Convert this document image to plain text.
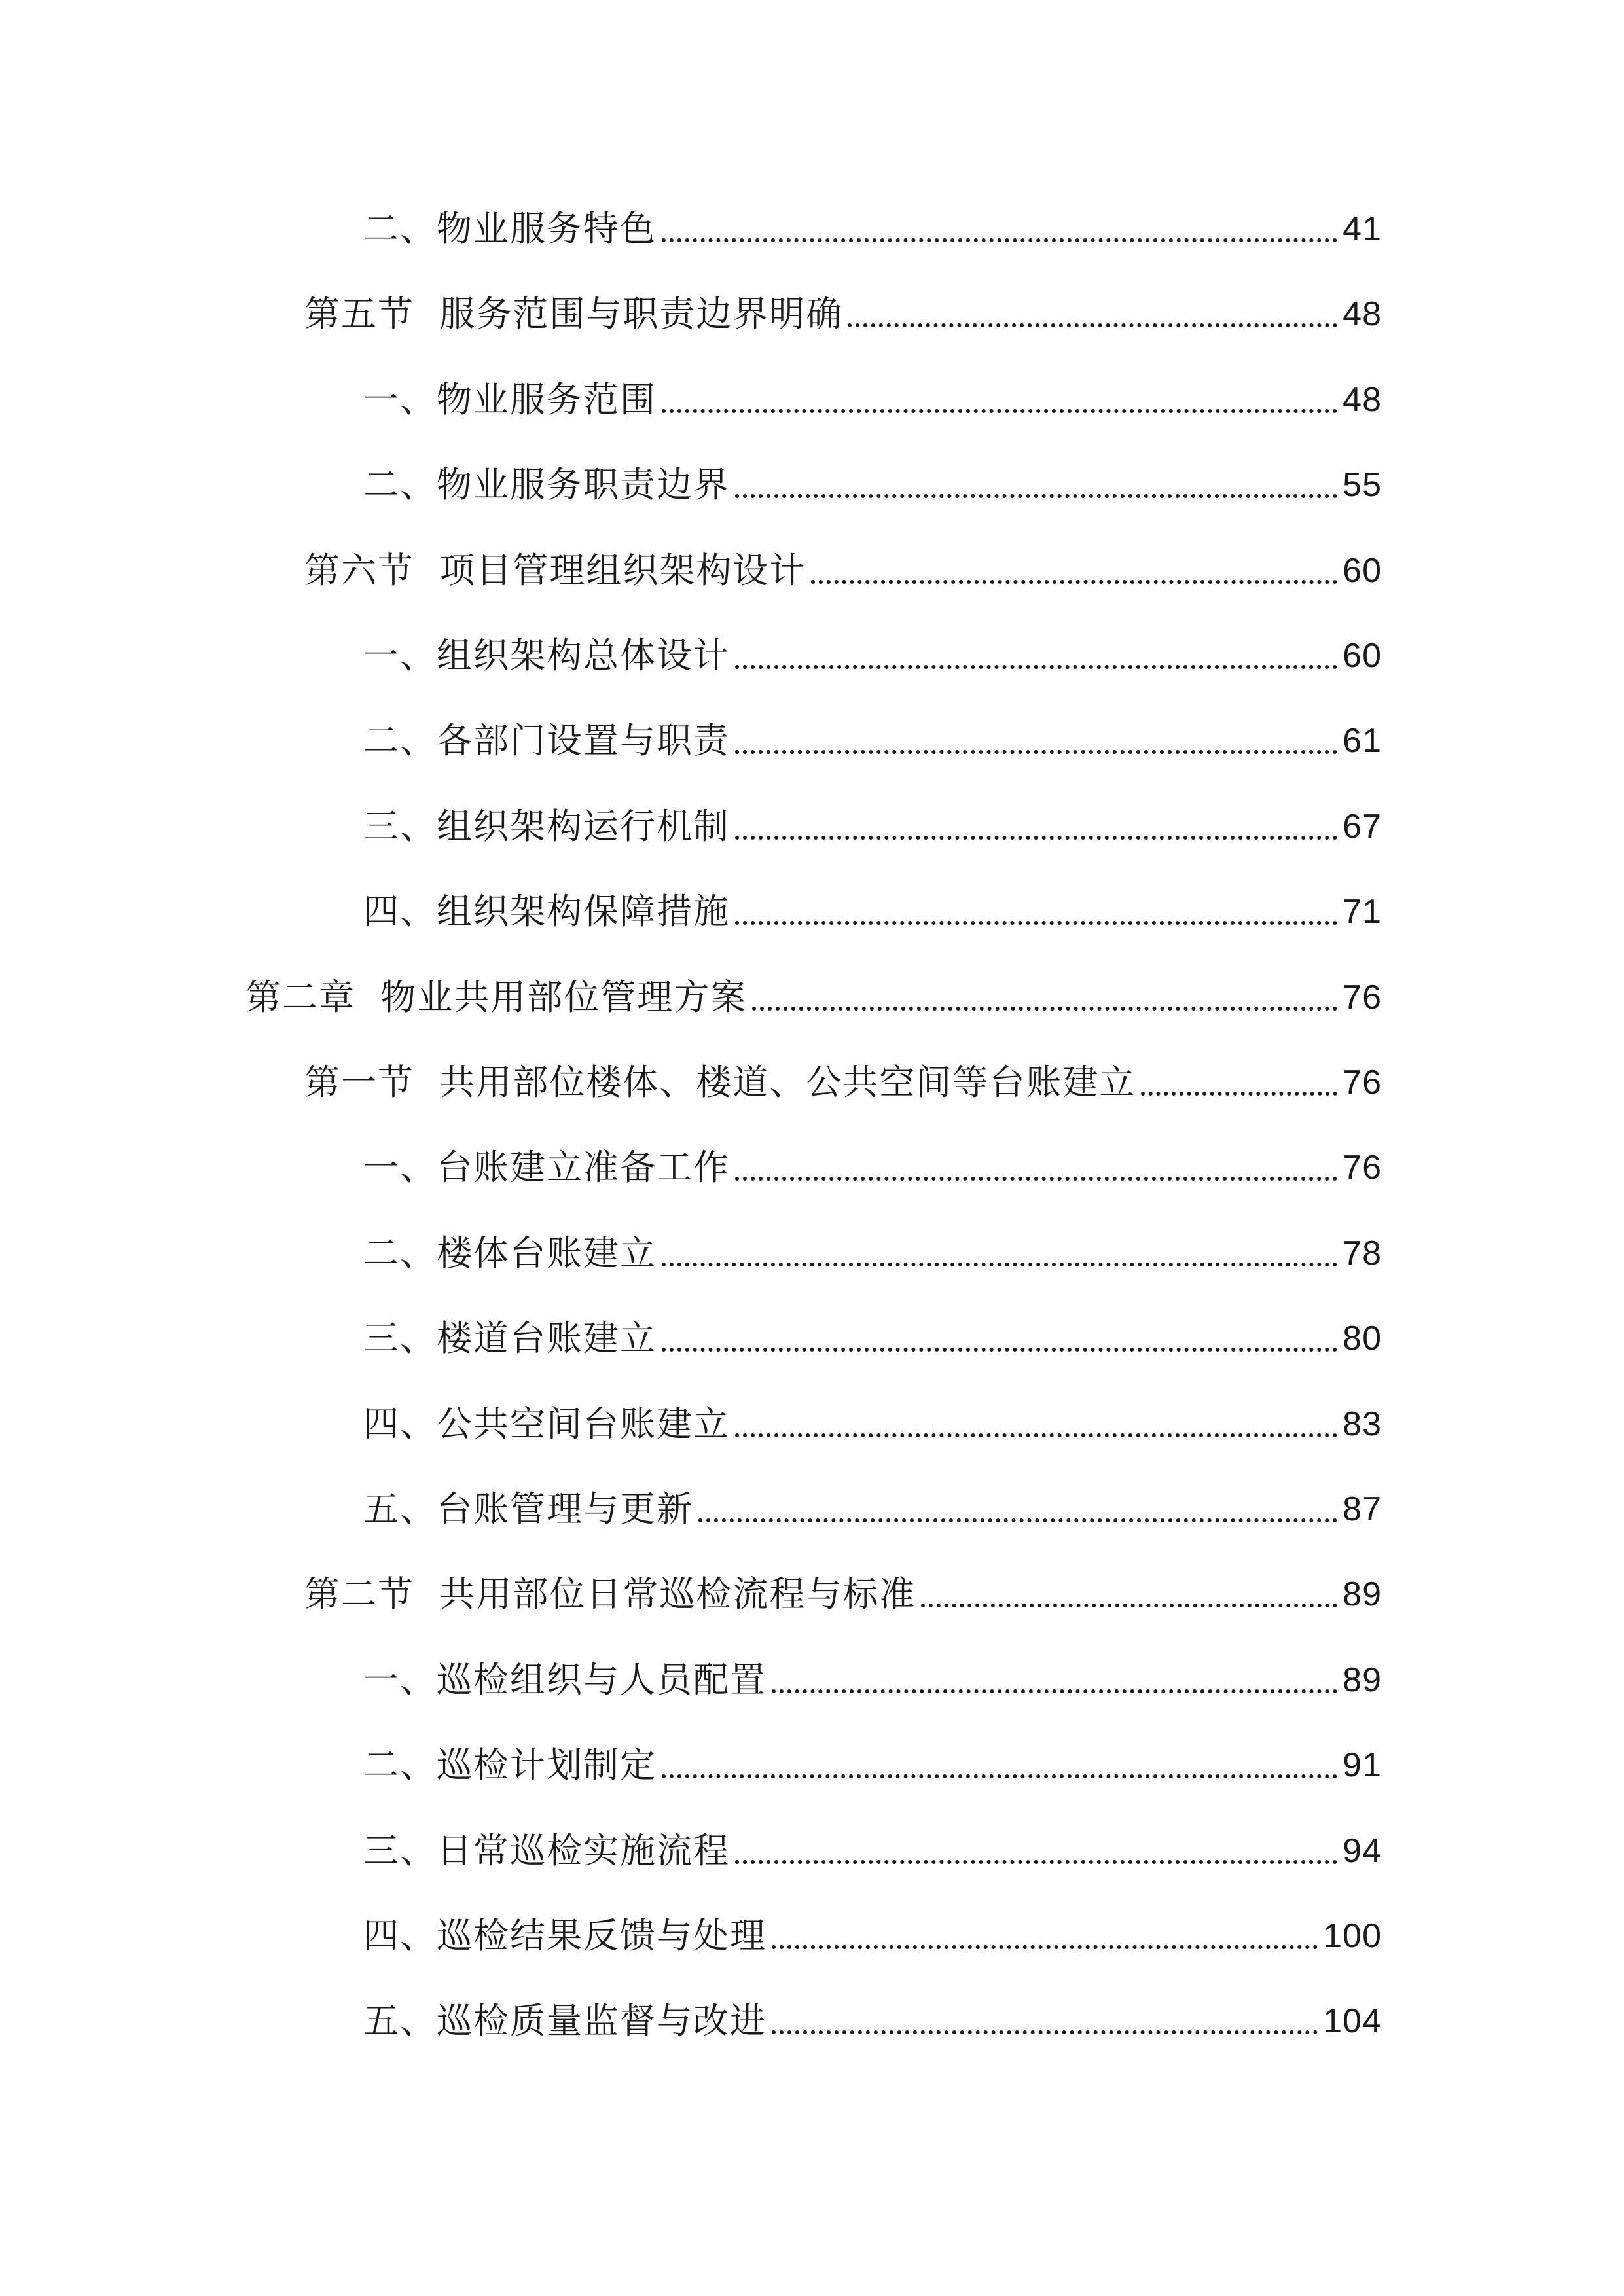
二、物业服务特色	41
第五节  服务范围与职责边界明确	48
一、物业服务范围	48
二、物业服务职责边界	55
第六节  项目管理组织架构设计	60
一、组织架构总体设计	60
二、各部门设置与职责	61
三、组织架构运行机制	67
四、组织架构保障措施	71
第二章  物业共用部位管理方案	76
第一节  共用部位楼体、楼道、公共空间等台账建立	76
一、台账建立准备工作	76
二、楼体台账建立	78
三、楼道台账建立	80
四、公共空间台账建立	83
五、台账管理与更新	87
第二节  共用部位日常巡检流程与标准	89
一、巡检组织与人员配置	89
二、巡检计划制定	91
三、日常巡检实施流程	94
四、巡检结果反馈与处理	100
五、巡检质量监督与改进	104
